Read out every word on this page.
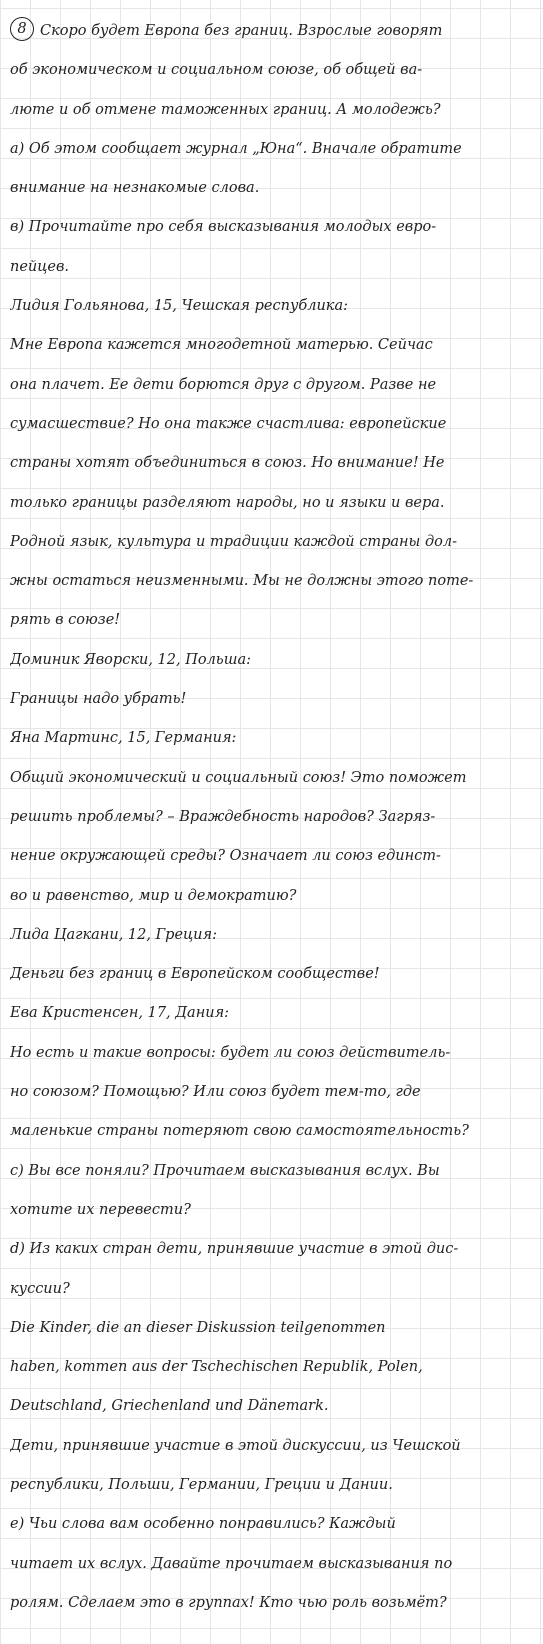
8 Скоро будет Европа без границ. Взрослые говорят
об экономическом и социальном союзе, об общей ва-
люте и об отмене таможенных границ. А молодежь?
а) Об этом сообщает журнал „Юна“. Вначале обратите
внимание на незнакомые слова.
в) Прочитайте про себя высказывания молодых евро-
пейцев.
Лидия Гольянова, 15, Чешская республика:
Мне Европа кажется многодетной матерью. Сейчас
она плачет. Ее дети борются друг с другом. Разве не
сумасшествие? Но она также счастлива: европейские
страны хотят объединиться в союз. Но внимание! Не
только границы разделяют народы, но и языки и вера.
Родной язык, культура и традиции каждой страны дол-
жны остаться неизменными. Мы не должны этого поте-
рять в союзе!
Доминик Яворски, 12, Польша:
Границы надо убрать!
Яна Мартинс, 15, Германия:
Общий экономический и социальный союз! Это поможет
решить проблемы? – Враждебность народов? Загряз-
нение окружающей среды? Означает ли союз единст-
во и равенство, мир и демократию?
Лида Цагкани, 12, Греция:
Деньги без границ в Европейском сообществе!
Ева Кристенсен, 17, Дания:
Но есть и такие вопросы: будет ли союз действитель-
но союзом? Помощью? Или союз будет тем-то, где
маленькие страны потеряют свою самостоятельность?
с) Вы все поняли? Прочитаем высказывания вслух. Вы
хотите их перевести?
d) Из каких стран дети, принявшие участие в этой дис-
куссии?
Die Kinder, die an dieser Diskussion teilgenommen
haben, kommen aus der Tschechischen Republik, Polen,
Deutschland, Griechenland und Dänemark.
Дети, принявшие участие в этой дискуссии, из Чешской
республики, Польши, Германии, Греции и Дании.
е) Чьи слова вам особенно понравились? Каждый
читает их вслух. Давайте прочитаем высказывания по
ролям. Сделаем это в группах! Кто чью роль возьмёт?
